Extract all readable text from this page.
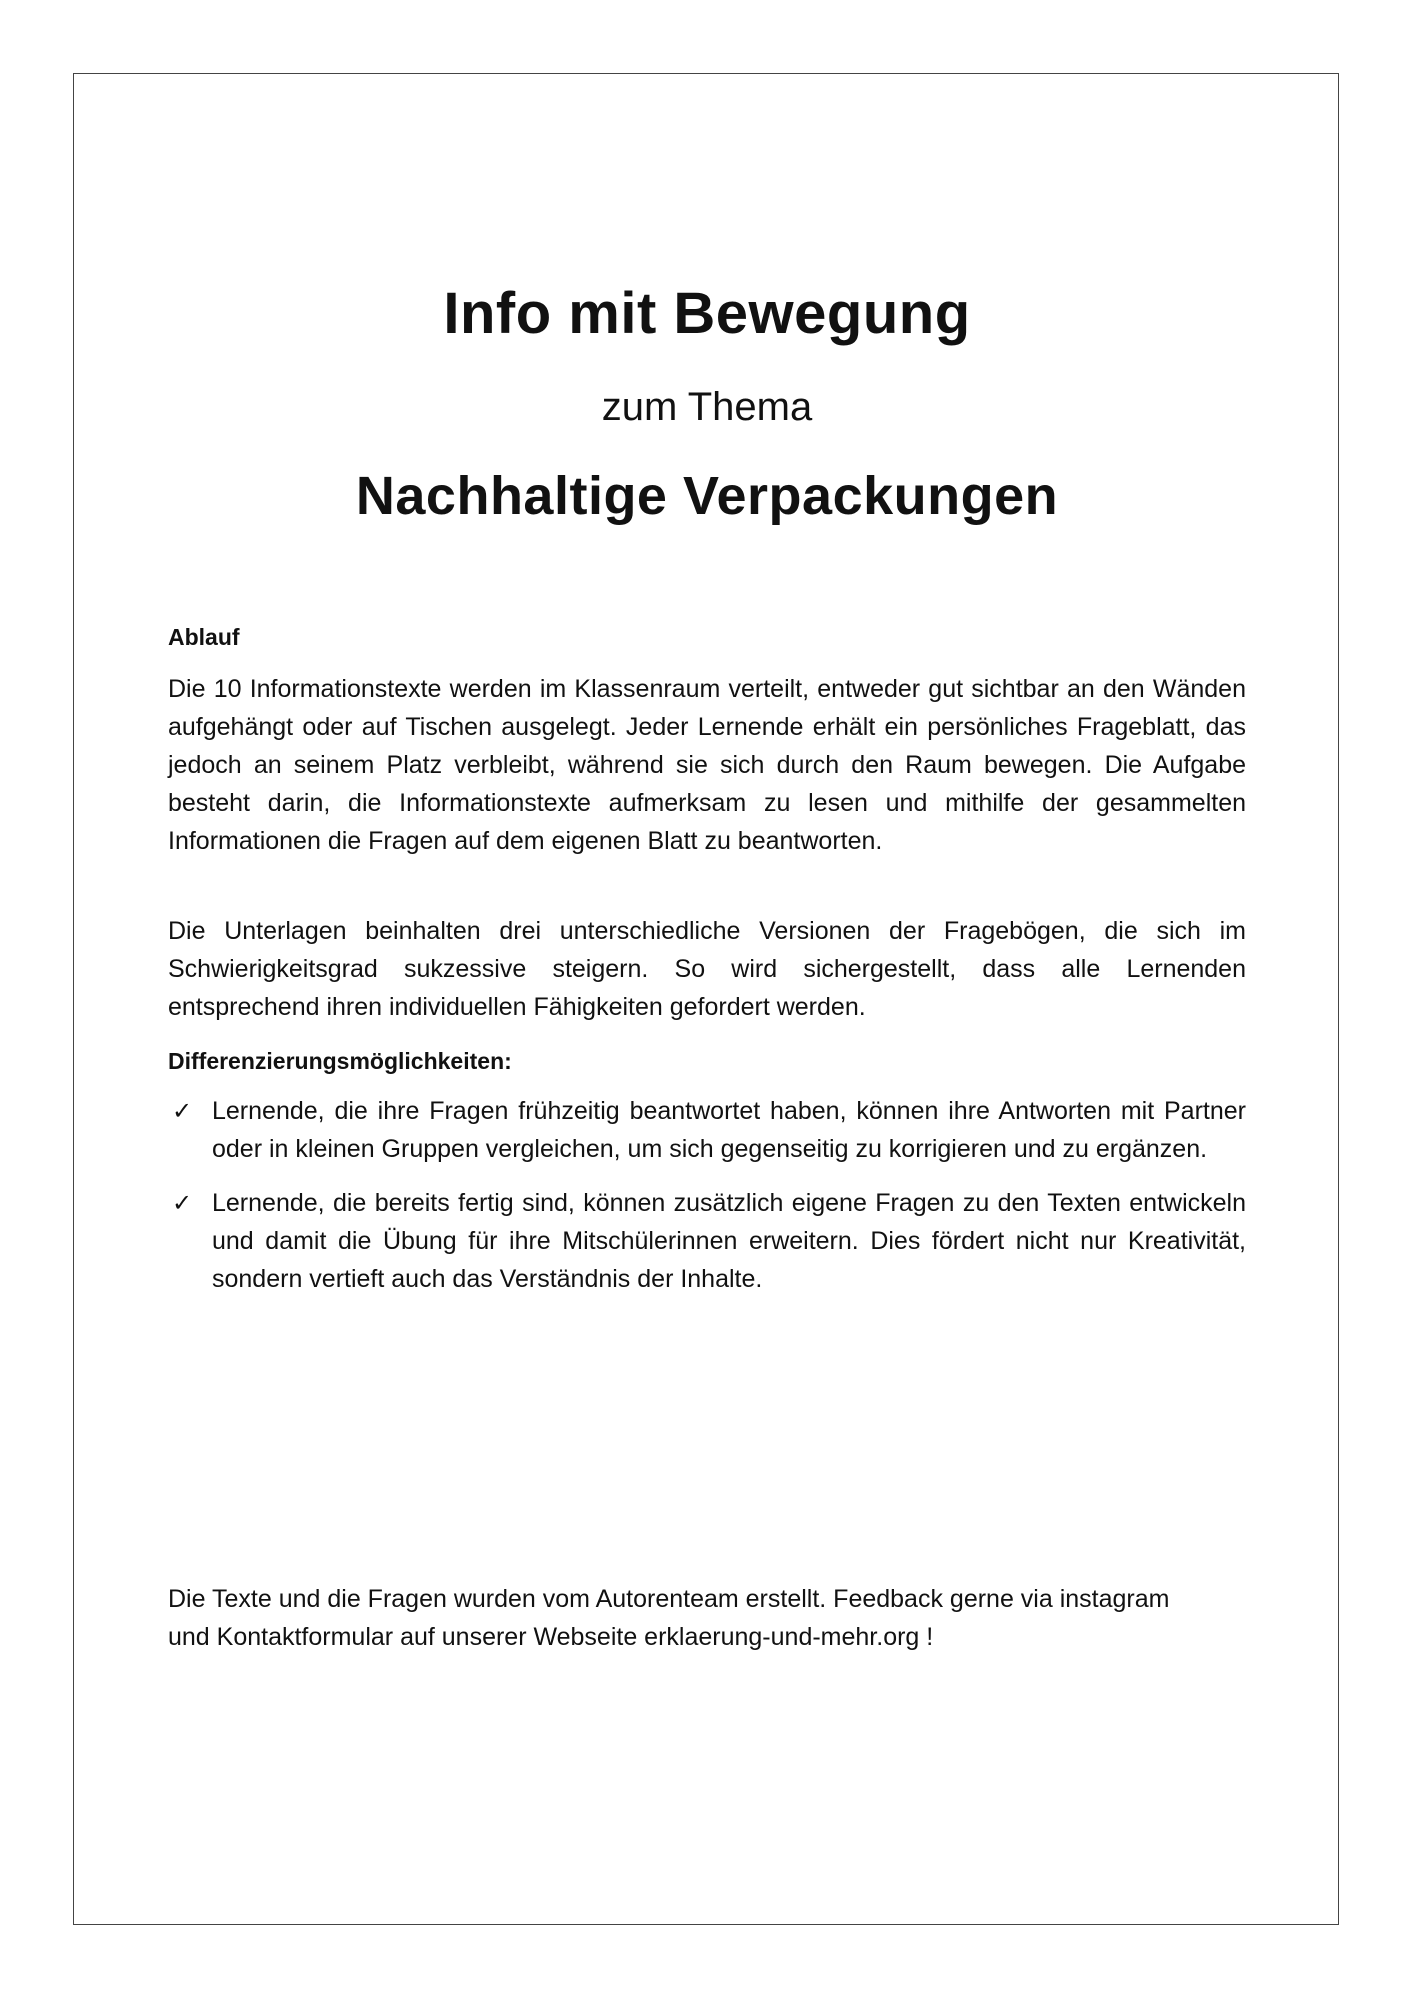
Info mit Bewegung
zum Thema
Nachhaltige Verpackungen

Ablauf

Die 10 Informationstexte werden im Klassenraum verteilt, entweder gut sichtbar an den Wänden aufgehängt oder auf Tischen ausgelegt. Jeder Lernende erhält ein persönliches Frageblatt, das jedoch an seinem Platz verbleibt, während sie sich durch den Raum bewegen. Die Aufgabe besteht darin, die Informationstexte aufmerksam zu lesen und mithilfe der gesammelten Informationen die Fragen auf dem eigenen Blatt zu beantworten.

Die Unterlagen beinhalten drei unterschiedliche Versionen der Fragebögen, die sich im Schwierigkeitsgrad sukzessive steigern. So wird sichergestellt, dass alle Lernenden entsprechend ihren individuellen Fähigkeiten gefordert werden.

Differenzierungsmöglichkeiten:

✓ Lernende, die ihre Fragen frühzeitig beantwortet haben, können ihre Antworten mit Partner oder in kleinen Gruppen vergleichen, um sich gegenseitig zu korrigieren und zu ergänzen.
✓ Lernende, die bereits fertig sind, können zusätzlich eigene Fragen zu den Texten entwickeln und damit die Übung für ihre Mitschülerinnen erweitern. Dies fördert nicht nur Kreativität, sondern vertieft auch das Verständnis der Inhalte.

Die Texte und die Fragen wurden vom Autorenteam erstellt. Feedback gerne via instagram und Kontaktformular auf unserer Webseite erklaerung-und-mehr.org !
